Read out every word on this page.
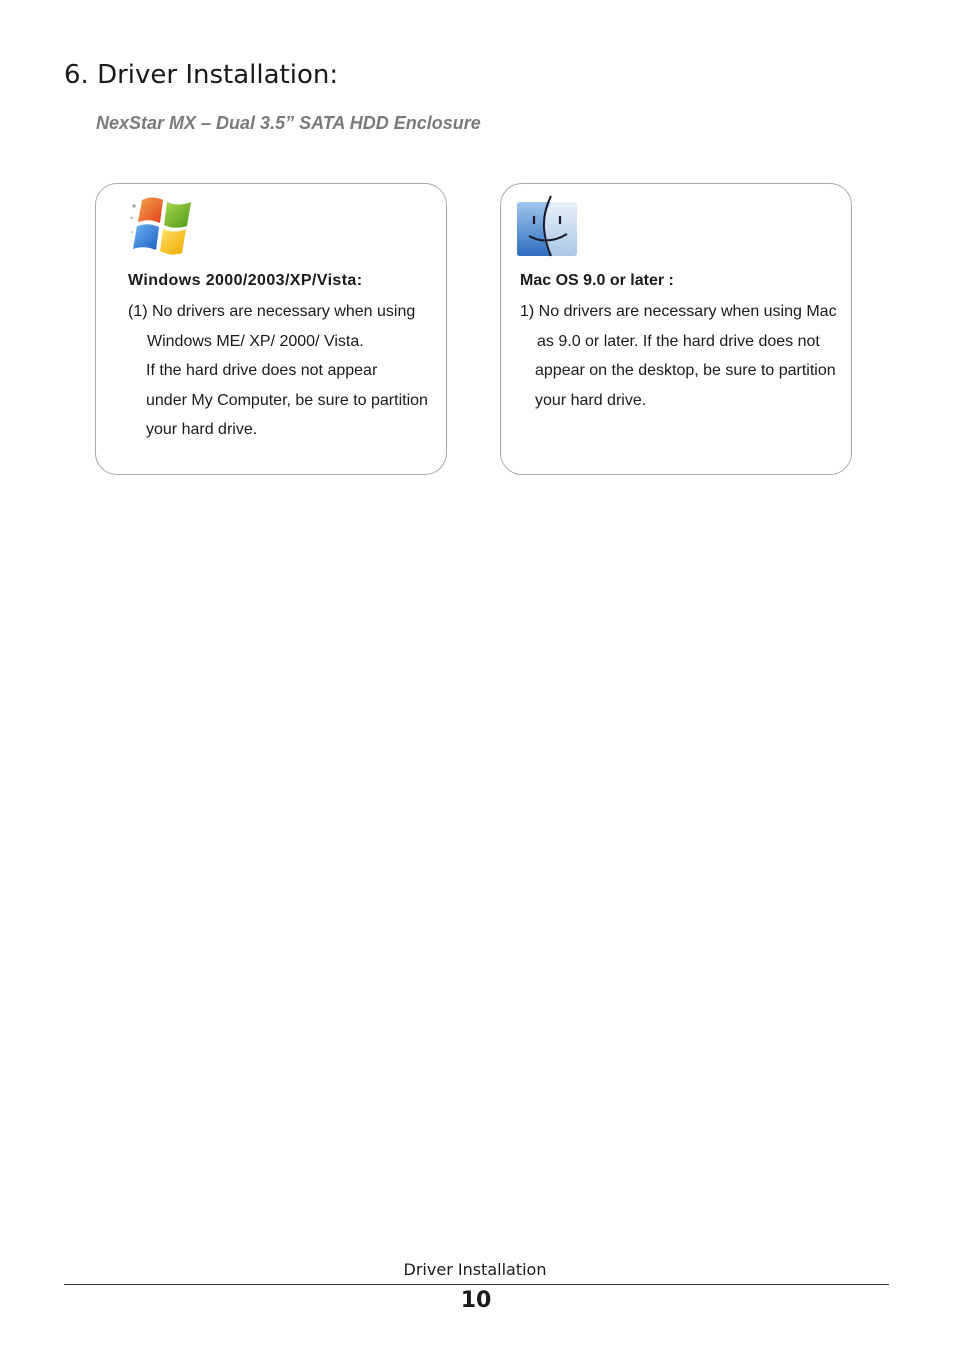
6. Driver Installation:

NexStar MX – Dual 3.5” SATA HDD Enclosure

Windows 2000/2003/XP/Vista:

(1) No drivers are necessary when using
Windows ME/ XP/ 2000/ Vista.
If the hard drive does not appear
under My Computer, be sure to partition
your hard drive.

Mac OS 9.0 or later :

1) No drivers are necessary when using Mac
as 9.0 or later. If the hard drive does not
appear on the desktop, be sure to partition
your hard drive.
Driver Installation
10
